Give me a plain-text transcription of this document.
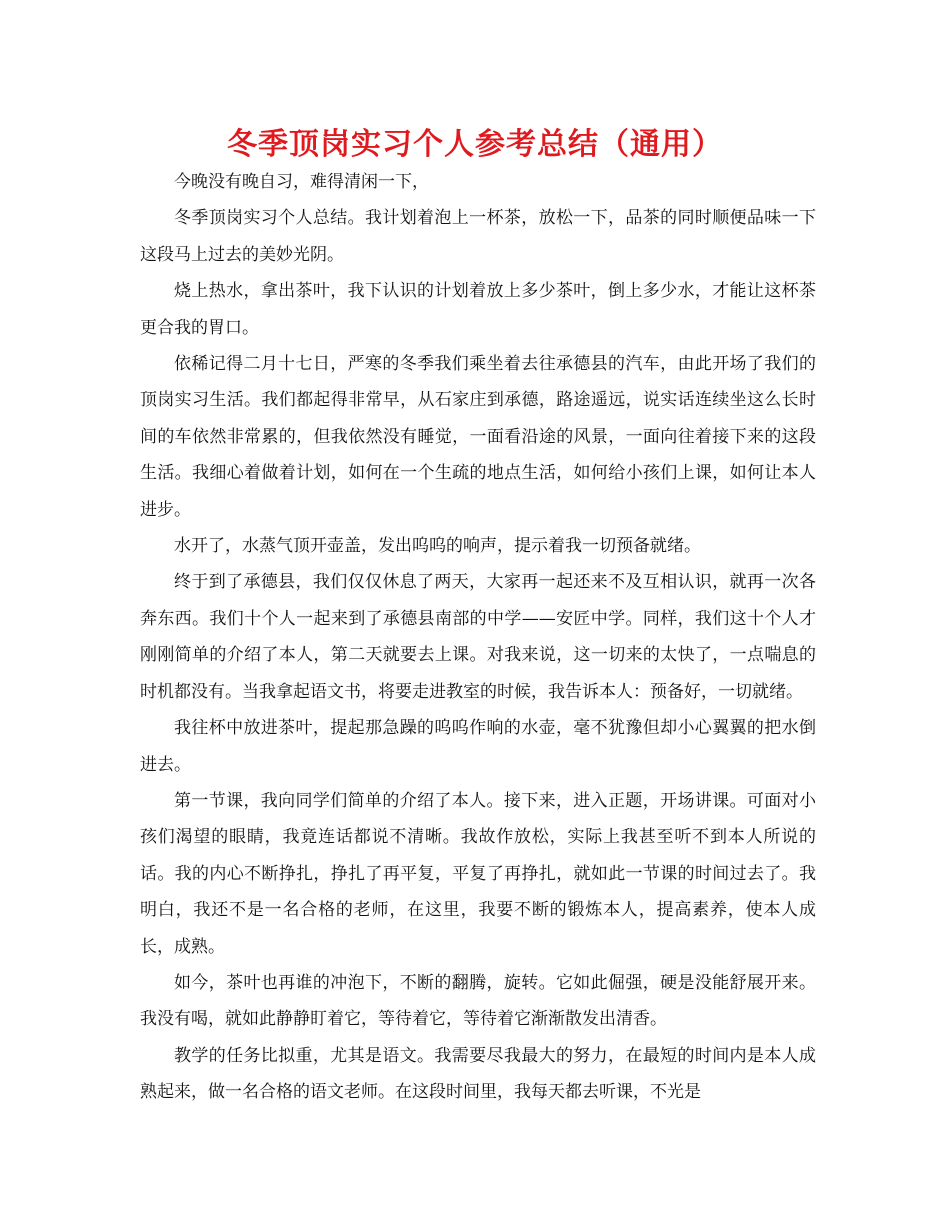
冬季顶岗实习个人参考总结（通用）

今晚没有晚自习，难得清闲一下，

冬季顶岗实习个人总结。我计划着泡上一杯茶，放松一下，品茶的同时顺便品味一下这段马上过去的美妙光阴。

烧上热水，拿出茶叶，我下认识的计划着放上多少茶叶，倒上多少水，才能让这杯茶更合我的胃口。

依稀记得二月十七日，严寒的冬季我们乘坐着去往承德县的汽车，由此开场了我们的顶岗实习生活。我们都起得非常早，从石家庄到承德，路途遥远，说实话连续坐这么长时间的车依然非常累的，但我依然没有睡觉，一面看沿途的风景，一面向往着接下来的这段生活。我细心着做着计划，如何在一个生疏的地点生活，如何给小孩们上课，如何让本人进步。

水开了，水蒸气顶开壶盖，发出呜呜的响声，提示着我一切预备就绪。

终于到了承德县，我们仅仅休息了两天，大家再一起还来不及互相认识，就再一次各奔东西。我们十个人一起来到了承德县南部的中学——安匠中学。同样，我们这十个人才刚刚简单的介绍了本人，第二天就要去上课。对我来说，这一切来的太快了，一点喘息的时机都没有。当我拿起语文书，将要走进教室的时候，我告诉本人：预备好，一切就绪。

我往杯中放进茶叶，提起那急躁的呜呜作响的水壶，毫不犹豫但却小心翼翼的把水倒进去。

第一节课，我向同学们简单的介绍了本人。接下来，进入正题，开场讲课。可面对小孩们渴望的眼睛，我竟连话都说不清晰。我故作放松，实际上我甚至听不到本人所说的话。我的内心不断挣扎，挣扎了再平复，平复了再挣扎，就如此一节课的时间过去了。我明白，我还不是一名合格的老师，在这里，我要不断的锻炼本人，提高素养，使本人成长，成熟。

如今，茶叶也再谁的冲泡下，不断的翻腾，旋转。它如此倔强，硬是没能舒展开来。我没有喝，就如此静静盯着它，等待着它，等待着它渐渐散发出清香。

教学的任务比拟重，尤其是语文。我需要尽我最大的努力，在最短的时间内是本人成熟起来，做一名合格的语文老师。在这段时间里，我每天都去听课，不光是
